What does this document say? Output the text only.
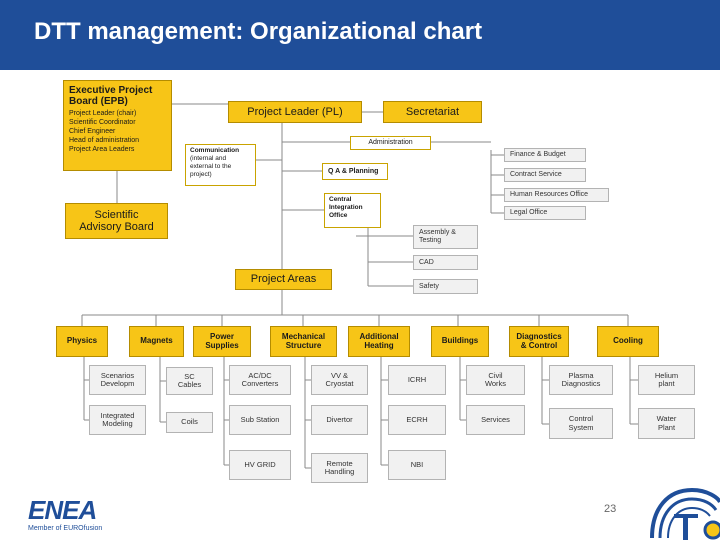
DTT management: Organizational chart
Executive Project Board (EPB)
Project Leader (chair)
Scientific Coordinator
Chief Engineer
Head of administration
Project Area Leaders
Scientific Advisory Board
Project Leader (PL)	Secretariat
Administration
Communication
(internal and external to the project)	Q A & Planning
Central Integration Office
Finance & Budget
Contract Service
Human Resources Office
Legal Office
Assembly & Testing
CAD
Safety
Project Areas
Physics	Magnets	Power Supplies
Mechanical Structure
Additional Heating	Buildings	Diagnostics & Control	Cooling
Scenarios Developm
Integrated Modeling
SC Cables
Coils
AC/DC Converters
Sub Station
HV GRID
VV & Cryostat
Divertor
Remote Handling
ICRH
ECRH
NBI
Civil Works
Services
Plasma Diagnostics
Control System
Helium plant
Water Plant
ENEA
Member of EUROfusion
23
